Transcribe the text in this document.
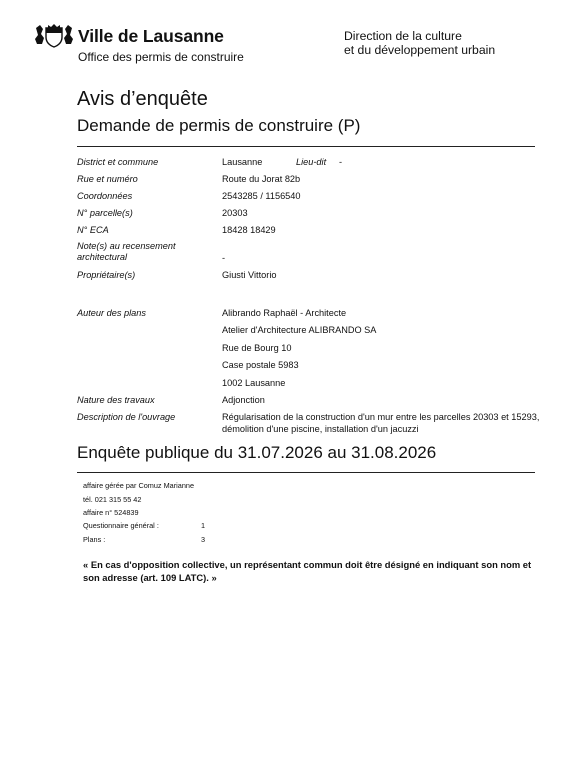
Ville de Lausanne
Office des permis de construire
Direction de la culture
et du développement urbain
Avis d’enquête
Demande de permis de construire (P)
District et commune	Lausanne	Lieu-dit -
Rue et numéro	Route du Jorat 82b
Coordonnées	2543285 / 1156540
N° parcelle(s)	20303
N° ECA	18428 18429
Note(s) au recensement architectural	-
Propriétaire(s)	Giusti Vittorio
Auteur des plans	Alibrando Raphaël - Architecte
Atelier d'Architecture ALIBRANDO SA
Rue de Bourg 10
Case postale 5983
1002 Lausanne
Nature des travaux	Adjonction
Description de l'ouvrage	Régularisation de la construction d'un mur entre les parcelles 20303 et 15293, démolition d'une piscine, installation d'un jacuzzi
Enquête publique du 31.07.2026 au 31.08.2026
affaire gérée par Comuz Marianne
tél. 021 315 55 42
affaire n° 524839
Questionnaire général :	1
Plans :	3
« En cas d'opposition collective, un représentant commun doit être désigné en indiquant son nom et son adresse (art. 109 LATC). »
